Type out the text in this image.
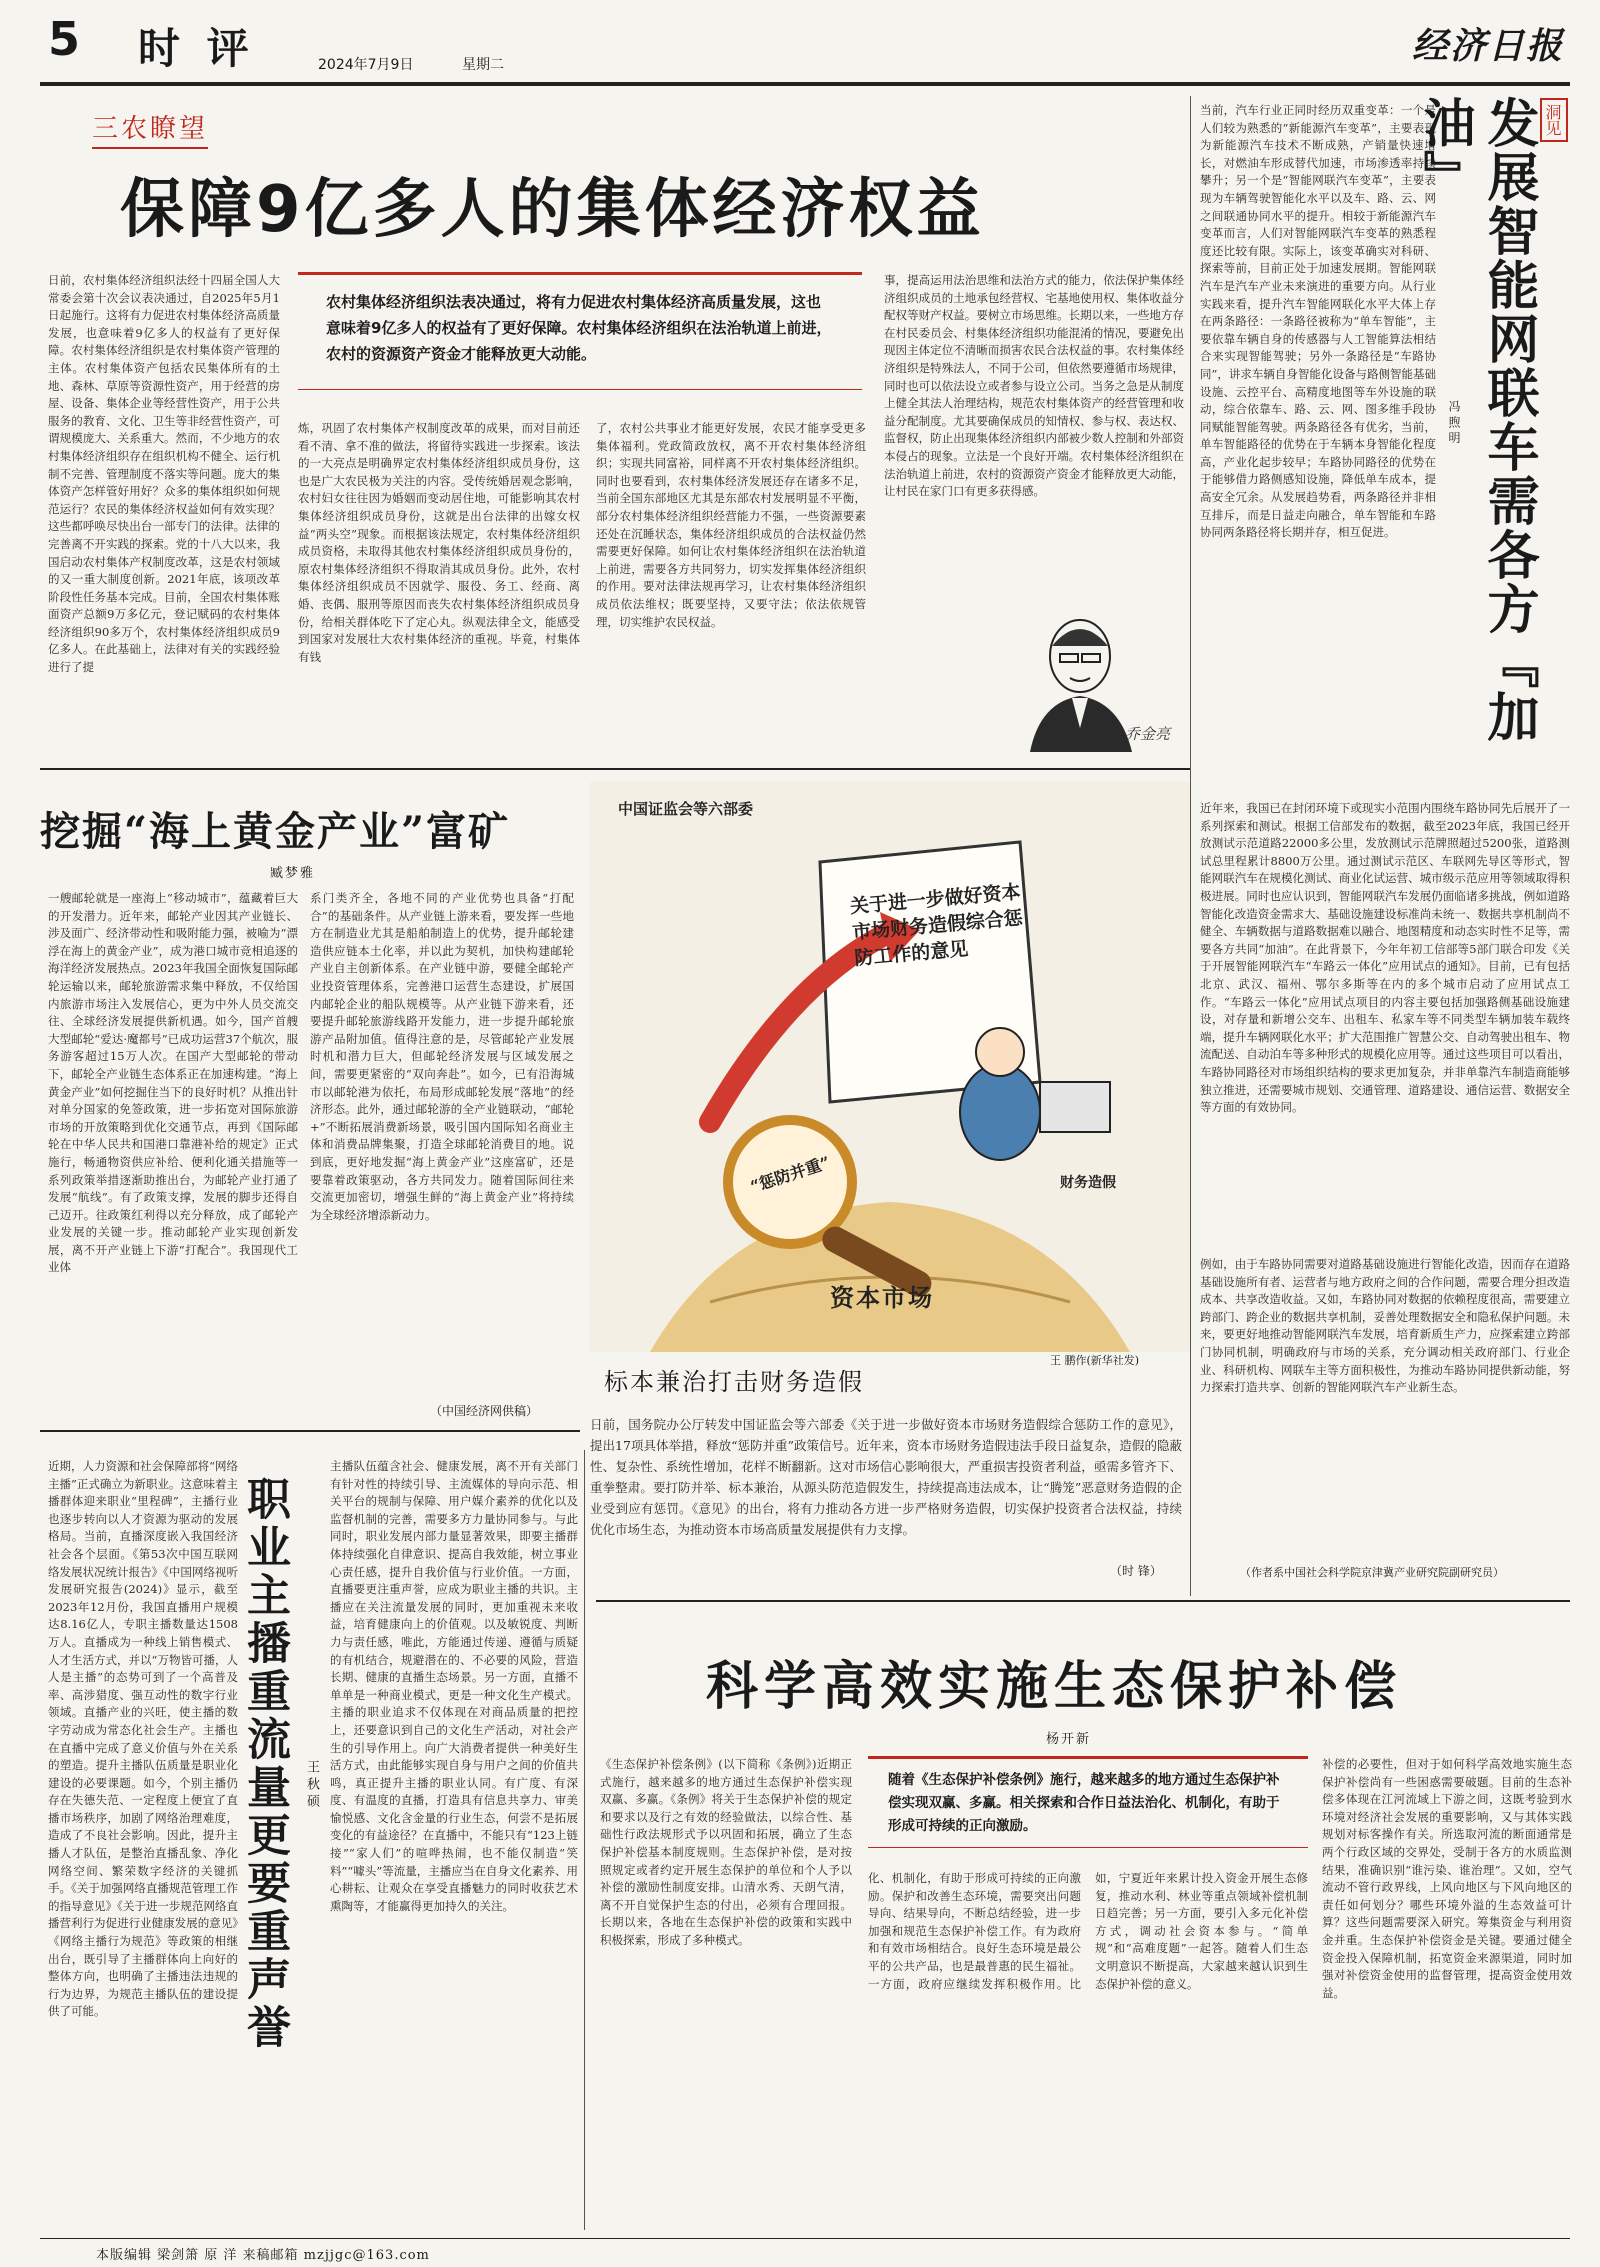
5 时 评	2024年7月9日	星期二	经济日报
三农瞭望
保障9亿多人的集体经济权益
日前，农村集体经济组织法经十四届全国人大常委会第十次会议表决通过，自2025年5月1日起施行。这将有力促进农村集体经济高质量发展，也意味着9亿多人的权益有了更好保障。农村集体经济组织是农村集体资产管理的主体。农村集体资产包括农民集体所有的土地、森林、草原等资源性资产，用于经营的房屋、设备、集体企业等经营性资产，用于公共服务的教育、文化、卫生等非经营性资产，可谓规模庞大、关系重大。然而，不少地方的农村集体经济组织存在组织机构不健全、运行机制不完善、管理制度不落实等问题。庞大的集体资产怎样管好用好？众多的集体组织如何规范运行？农民的集体经济权益如何有效实现？这些都呼唤尽快出台一部专门的法律。法律的完善离不开实践的探索。党的十八大以来，我国启动农村集体产权制度改革，这是农村领域的又一重大制度创新。2021年底，该项改革阶段性任务基本完成。目前，全国农村集体账面资产总额9万多亿元，登记赋码的农村集体经济组织90多万个，农村集体经济组织成员9亿多人。在此基础上，法律对有关的实践经验进行了提
农村集体经济组织法表决通过，将有力促进农村集体经济高质量发展，这也意味着9亿多人的权益有了更好保障。农村集体经济组织在法治轨道上前进，农村的资源资产资金才能释放更大动能。
炼，巩固了农村集体产权制度改革的成果，而对目前还看不清、拿不准的做法，将留待实践进一步探索。该法的一大亮点是明确界定农村集体经济组织成员身份，这也是广大农民极为关注的内容。受传统婚居观念影响，农村妇女往往因为婚姻而变动居住地，可能影响其农村集体经济组织成员身份，这就是出台法律的出嫁女权益“两头空”现象。而根据该法规定，农村集体经济组织成员资格，未取得其他农村集体经济组织成员身份的，原农村集体经济组织不得取消其成员身份。此外，农村集体经济组织成员不因就学、服役、务工、经商、离婚、丧偶、服刑等原因而丧失农村集体经济组织成员身份，给相关群体吃下了定心丸。纵观法律全文，能感受到国家对发展壮大农村集体经济的重视。毕竟，村集体有钱
了，农村公共事业才能更好发展，农民才能享受更多集体福利。党政简政放权，离不开农村集体经济组织；实现共同富裕，同样离不开农村集体经济组织。同时也要看到，农村集体经济发展还存在诸多不足，当前全国东部地区尤其是东部农村发展明显不平衡，部分农村集体经济组织经营能力不强，一些资源要素还处在沉睡状态，集体经济组织成员的合法权益仍然需要更好保障。如何让农村集体经济组织在法治轨道上前进，需要各方共同努力，切实发挥集体经济组织的作用。要对法律法规再学习，让农村集体经济组织成员依法维权；既要坚持，又要守法；依法依规管理，切实维护农民权益。
事，提高运用法治思维和法治方式的能力，依法保护集体经济组织成员的土地承包经营权、宅基地使用权、集体收益分配权等财产权益。要树立市场思维。长期以来，一些地方存在村民委员会、村集体经济组织功能混淆的情况，要避免出现因主体定位不清晰而损害农民合法权益的事。农村集体经济组织是特殊法人，不同于公司，但依然要遵循市场规律，同时也可以依法设立或者参与设立公司。当务之急是从制度上健全其法人治理结构，规范农村集体资产的经营管理和收益分配制度。尤其要确保成员的知情权、参与权、表达权、监督权，防止出现集体经济组织内部被少数人控制和外部资本侵占的现象。立法是一个良好开端。农村集体经济组织在法治轨道上前进，农村的资源资产资金才能释放更大动能，让村民在家门口有更多获得感。
乔金亮
挖掘“海上黄金产业”富矿
臧梦雅
一艘邮轮就是一座海上“移动城市”，蕴藏着巨大的开发潜力。近年来，邮轮产业因其产业链长、涉及面广、经济带动性和吸附能力强，被喻为“漂浮在海上的黄金产业”，成为港口城市竞相追逐的海洋经济发展热点。2023年我国全面恢复国际邮轮运输以来，邮轮旅游需求集中释放，不仅给国内旅游市场注入发展信心，更为中外人员交流交往、全球经济发展提供新机遇。如今，国产首艘大型邮轮“爱达·魔都号”已成功运营37个航次，服务游客超过15万人次。在国产大型邮轮的带动下，邮轮全产业链生态体系正在加速构建。“海上黄金产业”如何挖掘住当下的良好时机？从推出针对单分国家的免签政策，进一步拓宽对国际旅游市场的开放策略到优化交通节点，再到《国际邮轮在中华人民共和国港口靠港补给的规定》正式施行，畅通物资供应补给、便利化通关措施等一系列政策举措逐渐助推出台，为邮轮产业打通了发展“航线”。有了政策支撑，发展的脚步还得自己迈开。往政策红利得以充分释放，成了邮轮产业发展的关键一步。推动邮轮产业实现创新发展，离不开产业链上下游“打配合”。我国现代工业体
系门类齐全，各地不同的产业优势也具备“打配合”的基础条件。从产业链上游来看，要发挥一些地方在制造业尤其是船舶制造上的优势，提升邮轮建造供应链本土化率，并以此为契机，加快构建邮轮产业自主创新体系。在产业链中游，要健全邮轮产业投资管理体系，完善港口运营生态建设，扩展国内邮轮企业的船队规模等。从产业链下游来看，还要提升邮轮旅游线路开发能力，进一步提升邮轮旅游产品附加值。值得注意的是，尽管邮轮产业发展时机和潜力巨大，但邮轮经济发展与区域发展之间，需要更紧密的“双向奔赴”。如今，已有沿海城市以邮轮港为依托，布局形成邮轮发展“落地”的经济形态。此外，通过邮轮游的全产业链联动，“邮轮+”不断拓展消费新场景，吸引国内国际知名商业主体和消费品牌集聚，打造全球邮轮消费目的地。说到底，更好地发掘“海上黄金产业”这座富矿，还是要靠着政策驱动，各方共同发力。随着国际间往来交流更加密切，增强生鲜的“海上黄金产业”将持续为全球经济增添新动力。
（中国经济网供稿）
中国证监会等六部委
关于进一步做好资本市场财务造假综合惩防工作的意见
“惩防并重”	财务造假
资本市场
标本兼治打击财务造假
王 鹏作(新华社发)
日前，国务院办公厅转发中国证监会等六部委《关于进一步做好资本市场财务造假综合惩防工作的意见》，提出17项具体举措，释放“惩防并重”政策信号。近年来，资本市场财务造假违法手段日益复杂，造假的隐蔽性、复杂性、系统性增加，花样不断翻新。这对市场信心影响很大，严重损害投资者利益，亟需多管齐下、重拳整肃。要打防并举、标本兼治，从源头防范造假发生，持续提高违法成本，让“腾笼”恶意财务造假的企业受到应有惩罚。《意见》的出台，将有力推动各方进一步严格财务造假，切实保护投资者合法权益，持续优化市场生态，为推动资本市场高质量发展提供有力支撑。
（时 锋）
近期，人力资源和社会保障部将“网络主播”正式确立为新职业。这意味着主播群体迎来职业“里程碑”，主播行业也逐步转向以人才资源为驱动的发展格局。当前，直播深度嵌入我国经济社会各个层面。《第53次中国互联网络发展状况统计报告》《中国网络视听发展研究报告(2024)》显示，截至2023年12月份，我国直播用户规模达8.16亿人，专职主播数量达1508万人。直播成为一种线上销售模式、人才生活方式，并以“万物皆可播，人人是主播”的态势可到了一个高普及率、高涉猎度、强互动性的数字行业领域。直播产业的兴旺，使主播的数字劳动成为常态化社会生产。主播也在直播中完成了意义价值与外在关系的塑造。提升主播队伍质量是职业化建设的必要课题。如今，个别主播仍存在失德失范、一定程度上便宜了直播市场秩序，加剧了网络治理难度，造成了不良社会影响。因此，提升主播人才队伍，是整治直播乱象、净化网络空间、繁荣数字经济的关键抓手。《关于加强网络直播规范管理工作的指导意见》《关于进一步规范网络直播营利行为促进行业健康发展的意见》《网络主播行为规范》等政策的相继出台，既引导了主播群体向上向好的整体方向，也明确了主播违法违规的行为边界，为规范主播队伍的建设提供了可能。	职业主播重流量更要重声誉 王秋硕
主播队伍蕴含社会、健康发展，离不开有关部门有针对性的持续引导、主流媒体的导向示范、相关平台的规制与保障、用户媒介素养的优化以及监督机制的完善，需要多方力量协同参与。与此同时，职业发展内部力量显著效果，即要主播群体持续强化自律意识、提高自我效能，树立事业心责任感，提升自我价值与行业价值。一方面，直播要更注重声誉，应成为职业主播的共识。主播应在关注流量发展的同时，更加重视未来收益，培育健康向上的价值观。以及敏锐度、判断力与责任感，唯此，方能通过传递、遵循与质疑的有机结合，规避潜在的、不必要的风险，营造长期、健康的直播生态场景。另一方面，直播不单单是一种商业模式，更是一种文化生产模式。主播的职业追求不仅体现在对商品质量的把控上，还要意识到自己的文化生产活动，对社会产生的引导作用上。向广大消费者提供一种美好生活方式，由此能够实现自身与用户之间的价值共鸣，真正提升主播的职业认同。有广度、有深度、有温度的直播，打造具有信息共享力、审美愉悦感、文化含金量的行业生态，何尝不是拓展变化的有益途径？在直播中，不能只有“123上链接”“家人们”的喧哗热闹，也不能仅制造“笑料”“噱头”等流量，主播应当在自身文化素养、用心耕耘、让观众在享受直播魅力的同时收获艺术熏陶等，才能赢得更加持久的关注。
科学高效实施生态保护补偿
杨开新
随着《生态保护补偿条例》施行，越来越多的地方通过生态保护补偿实现双赢、多赢。相关探索和合作日益法治化、机制化，有助于形成可持续的正向激励。
《生态保护补偿条例》(以下简称《条例》)近期正式施行，越来越多的地方通过生态保护补偿实现双赢、多赢。《条例》将关于生态保护补偿的规定和要求以及行之有效的经验做法，以综合性、基础性行政法规形式予以巩固和拓展，确立了生态保护补偿基本制度规则。生态保护补偿，是对按照规定或者约定开展生态保护的单位和个人予以补偿的激励性制度安排。山清水秀、天朗气清，离不开自觉保护生态的付出，必须有合理回报。长期以来，各地在生态保护补偿的政策和实践中积极探索，形成了多种模式。
化、机制化，有助于形成可持续的正向激励。保护和改善生态环境，需要突出问题导向、结果导向，不断总结经验，进一步加强和规范生态保护补偿工作。有为政府和有效市场相结合。良好生态环境是最公平的公共产品，也是最普惠的民生福祉。一方面，政府应继续发挥积极作用。比如，宁夏近年来累计投入资金开展生态修复，推动水利、林业等重点领域补偿机制日趋完善；另一方面，要引入多元化补偿方式，调动社会资本参与。“简单规”和“高难度题”一起答。随着人们生态文明意识不断提高，大家越来越认识到生态保护补偿的意义。
补偿的必要性，但对于如何科学高效地实施生态保护补偿尚有一些困惑需要破题。目前的生态补偿多体现在江河流域上下游之间，这既考验到水环境对经济社会发展的重要影响，又与其体实践规划对标客操作有关。所选取河流的断面通常是两个行政区域的交界处，受制于各方的水质监测结果，准确识别“谁污染、谁治理”。又如，空气流动不管行政界线，上风向地区与下风向地区的责任如何划分？哪些环境外溢的生态效益可计算？这些问题需要深入研究。筹集资金与利用资金并重。生态保护补偿资金是关键。要通过健全资金投入保障机制，拓宽资金来源渠道，同时加强对补偿资金使用的监督管理，提高资金使用效益。
当前，汽车行业正同时经历双重变革：一个是人们较为熟悉的“新能源汽车变革”，主要表现为新能源汽车技术不断成熟，产销量快速增长，对燃油车形成替代加速，市场渗透率持续攀升；另一个是“智能网联汽车变革”，主要表现为车辆驾驶智能化水平以及车、路、云、网之间联通协同水平的提升。相较于新能源汽车变革而言，人们对智能网联汽车变革的熟悉程度还比较有限。实际上，该变革确实对科研、探索等前，目前正处于加速发展期。智能网联汽车是汽车产业未来演进的重要方向。从行业实践来看，提升汽车智能网联化水平大体上存在两条路径：一条路径被称为“单车智能”，主要依靠车辆自身的传感器与人工智能算法相结合来实现智能驾驶；另外一条路径是“车路协同”，讲求车辆自身智能化设备与路侧智能基础设施、云控平台、高精度地图等车外设施的联动，综合依靠车、路、云、网、图多维手段协同赋能智能驾驶。两条路径各有优劣，当前，单车智能路径的优势在于车辆本身智能化程度高，产业化起步较早；车路协同路径的优势在于能够借力路侧感知设施，降低单车成本，提高安全冗余。从发展趋势看，两条路径并非相互排斥，而是日益走向融合，单车智能和车路协同两条路径将长期并存，相互促进。
洞见
发展智能网联车需各方『加油』
冯 煦 明
近年来，我国已在封闭环境下或现实小范围内围绕车路协同先后展开了一系列探索和测试。根据工信部发布的数据，截至2023年底，我国已经开放测试示范道路22000多公里，发放测试示范牌照超过5200张，道路测试总里程累计8800万公里。通过测试示范区、车联网先导区等形式，智能网联汽车在规模化测试、商业化试运营、城市级示范应用等领域取得积极进展。同时也应认识到，智能网联汽车发展仍面临诸多挑战，例如道路智能化改造资金需求大、基础设施建设标准尚未统一、数据共享机制尚不健全、车辆数据与道路数据难以融合、地图精度和动态实时性不足等，需要各方共同“加油”。在此背景下，今年年初工信部等5部门联合印发《关于开展智能网联汽车“车路云一体化”应用试点的通知》。目前，已有包括北京、武汉、福州、鄂尔多斯等在内的多个城市启动了应用试点工作。“车路云一体化”应用试点项目的内容主要包括加强路侧基础设施建设，对存量和新增公交车、出租车、私家车等不同类型车辆加装车载终端，提升车辆网联化水平；扩大范围推广智慧公交、自动驾驶出租车、物流配送、自动泊车等多种形式的规模化应用等。通过这些项目可以看出，车路协同路径对市场组织结构的要求更加复杂，并非单靠汽车制造商能够独立推进，还需要城市规划、交通管理、道路建设、通信运营、数据安全等方面的有效协同。
例如，由于车路协同需要对道路基础设施进行智能化改造，因而存在道路基础设施所有者、运营者与地方政府之间的合作问题，需要合理分担改造成本、共享改造收益。又如，车路协同对数据的依赖程度很高，需要建立跨部门、跨企业的数据共享机制，妥善处理数据安全和隐私保护问题。未来，要更好地推动智能网联汽车发展，培育新质生产力，应探索建立跨部门协同机制，明确政府与市场的关系，充分调动相关政府部门、行业企业、科研机构、网联车主等方面积极性，为推动车路协同提供新动能，努力探索打造共享、创新的智能网联汽车产业新生态。
（作者系中国社会科学院京津冀产业研究院副研究员）
本版编辑 梁剑箫 原 洋 来稿邮箱 mzjjgc@163.com
